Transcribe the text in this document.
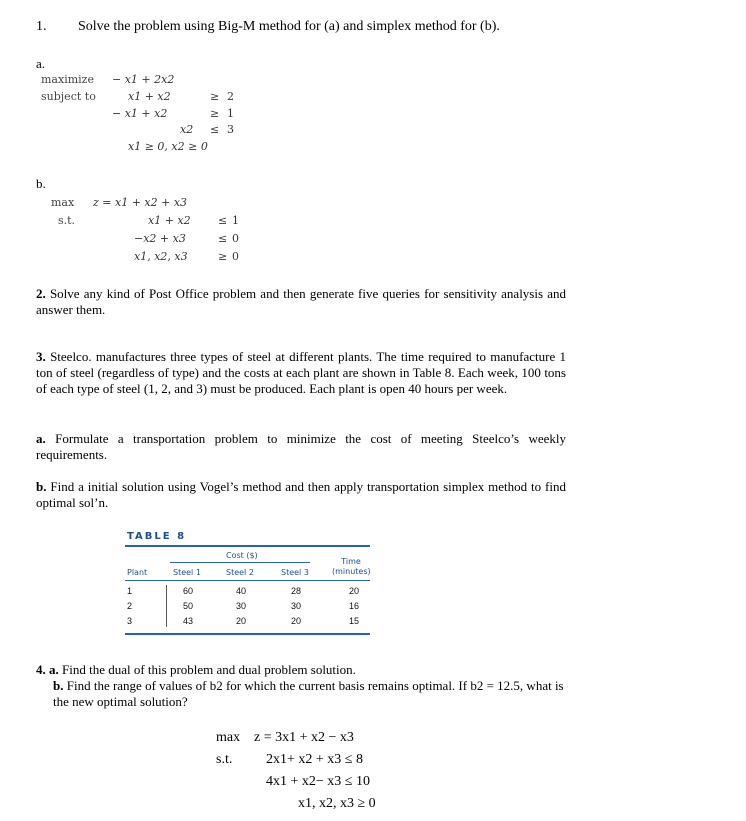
1. Solve the problem using Big-M method for (a) and simplex method for (b).
a.
maximize
subject to
− x1 + 2x2
x1 + x2	≥ 2
− x1 + x2	≥ 1
x2 ≤ 3
x1 ≥ 0, x2 ≥ 0
b.
max
s.t.
z = x1 + x2 + x3
x1 + x2 ≤ 1
−x2 + x3	≤ 0
x1, x2, x3	≥ 0
2. Solve any kind of Post Office problem and then generate five queries for sensitivity analysis and answer them.
3. Steelco. manufactures three types of steel at different plants. The time required to manufacture 1 ton of steel (regardless of type) and the costs at each plant are shown in Table 8. Each week, 100 tons of each type of steel (1, 2, and 3) must be produced. Each plant is open 40 hours per week.
a. Formulate a transportation problem to minimize the cost of meeting Steelco’s weekly requirements.
b. Find a initial solution using Vogel’s method and then apply transportation simplex method to find optimal sol’n.
TABLE 8
Cost ($)
Plant	Steel 1	Steel 2	Steel 3
Time (minutes)
1	60	40	28	20
2	50	30	30	16
3	43	20	20	15
4. a. Find the dual of this problem and dual problem solution.
b. Find the range of values of b2 for which the current basis remains optimal. If b2 = 12.5, what is the new optimal solution?
max z = 3x1 + x2 − x3
s.t. 2x1+ x2 + x3 ≤ 8
4x1 + x2− x3 ≤ 10
x1, x2, x3 ≥ 0
